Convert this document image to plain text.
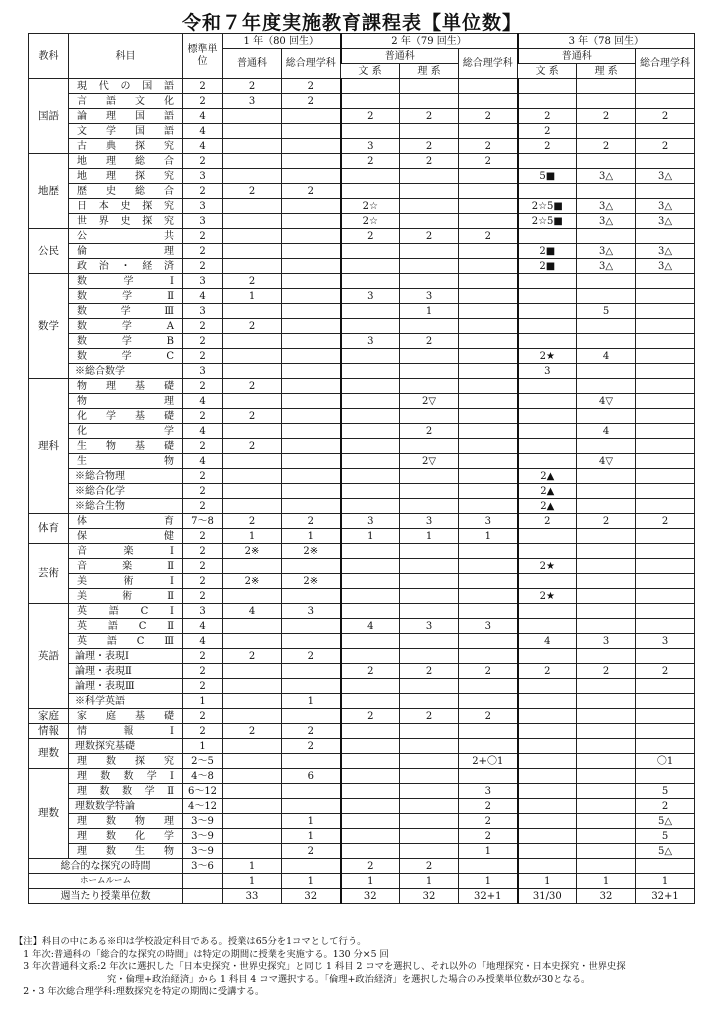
令和７年度実施教育課程表【単位数】
教科	科目	標準単位	1 年（80 回生）		2 年（79 回生）			3 年（78 回生）		
			普通科	総合理学科	普通科		総合理学科	普通科		総合理学科
					文 系	理 系		文 系	理 系	
国語	現代の国語	2	2	2						
	言語文化	2	3	2						
	論理国語	4			2	2	2	2	2	2
	文学国語	4						2		
	古典探究	4			3	2	2	2	2	2
地歴	地理総合	2			2	2	2			
	地理探究	3						5■	3△	3△
	歴史総合	2	2	2						
	日本史探究	3			2☆			2☆5■	3△	3△
	世界史探究	3			2☆			2☆5■	3△	3△
公民	公共	2			2	2	2			
	倫理	2						2■	3△	3△
	政治・経済	2						2■	3△	3△
数学	数学Ⅰ	3	2							
	数学Ⅱ	4	1		3	3				
	数学Ⅲ	3				1			5	
	数学A	2	2							
	数学B	2			3	2				
	数学C	2						2★	4	
	※総合数学	3						3		
理科	物理基礎	2	2							
	物理	4				2▽			4▽	
	化学基礎	2	2							
	化学	4				2			4	
	生物基礎	2	2							
	生物	4				2▽			4▽	
	※総合物理	2						2▲		
	※総合化学	2						2▲		
	※総合生物	2						2▲		
体育	体育	7〜8	2	2	3	3	3	2	2	2
	保健	2	1	1	1	1	1			
芸術	音楽Ⅰ	2	2※	2※						
	音楽Ⅱ	2						2★		
	美術Ⅰ	2	2※	2※						
	美術Ⅱ	2						2★		
英語	英語CⅠ	3	4	3						
	英語CⅡ	4			4	3	3			
	英語CⅢ	4						4	3	3
	論理・表現Ⅰ	2	2	2						
	論理・表現Ⅱ	2			2	2	2	2	2	2
	論理・表現Ⅲ	2								
	※科学英語	1		1						
家庭	家庭基礎	2			2	2	2			
情報	情報Ⅰ	2	2	2						
理数	理数探究基礎	1		2						
	理数探究	2〜5					2+〇1			〇1
理数	理数数学Ⅰ	4〜8		6						
	理数数学Ⅱ	6〜12					3			5
	理数数学特論	4〜12					2			2
	理数物理	3〜9		1			2			5△
	理数化学	3〜9		1			2			5
	理数生物	3〜9		2			1			5△
総合的な探究の時間		3〜6	1		2	2				
ホームルーム			1	1	1	1	1	1	1	1
週当たり授業単位数			33	32	32	32	32+1	31/30	32	32+1
【注】科目の中にある※印は学校設定科目である。授業は65分を1コマとして行う。
　1 年次:普通科の「総合的な探究の時間」は特定の期間に授業を実施する。130 分×5 回
　3 年次普通科文系:2 年次に選択した「日本史探究・世界史探究」と同じ 1 科目 2 コマを選択し、それ以外の「地理探究・日本史探究・世界史探
　　　　　　　　　　究・倫理+政治経済」から 1 科目 4 コマ選択する。「倫理+政治経済」を選択した場合のみ授業単位数が30となる。
　2・3 年次総合理学科:理数探究を特定の期間に受講する。
